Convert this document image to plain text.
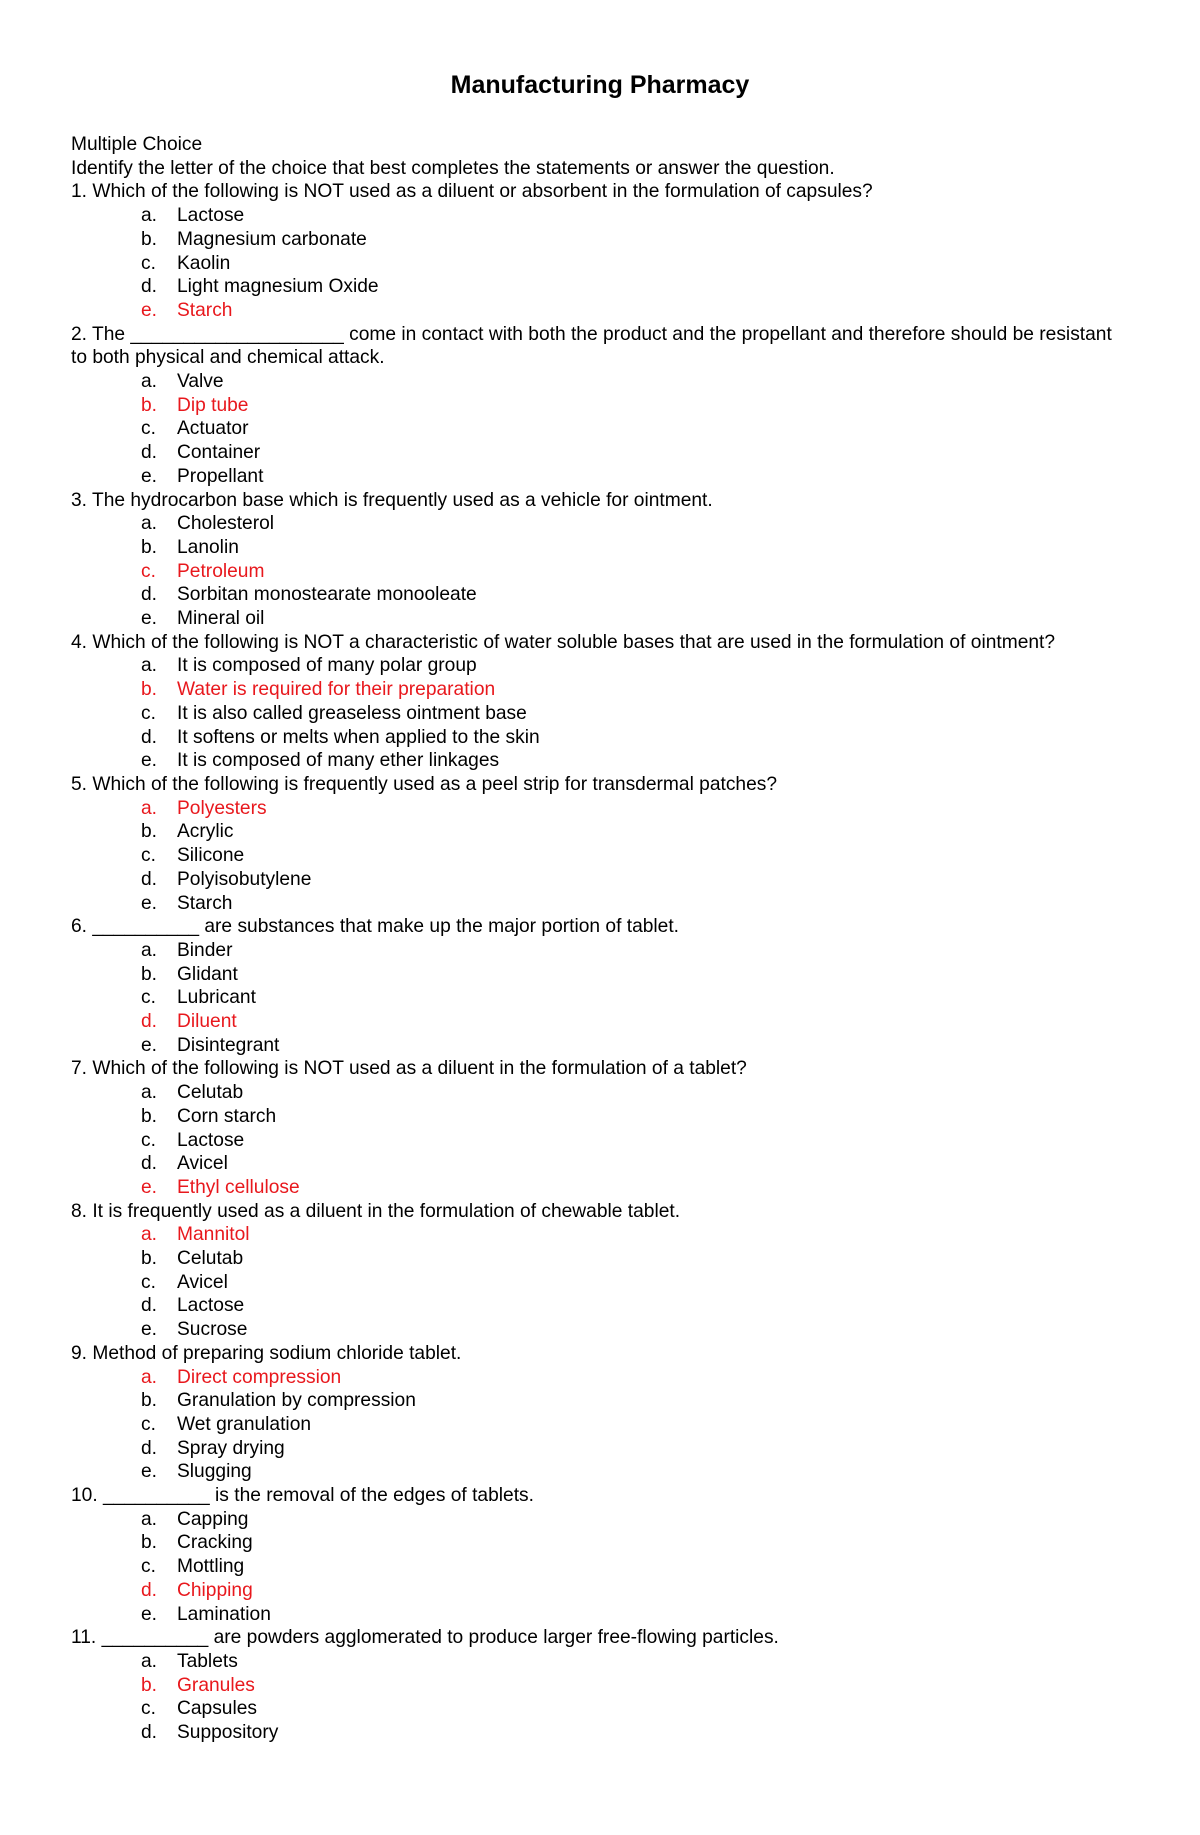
Manufacturing Pharmacy
Multiple Choice
Identify the letter of the choice that best completes the statements or answer the question.
1. Which of the following is NOT used as a diluent or absorbent in the formulation of capsules?
a. Lactose
b. Magnesium carbonate
c. Kaolin
d. Light magnesium Oxide
e. Starch
2. The ____________________ come in contact with both the product and the propellant and therefore should be resistant to both physical and chemical attack.
a. Valve
b. Dip tube
c. Actuator
d. Container
e. Propellant
3. The hydrocarbon base which is frequently used as a vehicle for ointment.
a. Cholesterol
b. Lanolin
c. Petroleum
d. Sorbitan monostearate monooleate
e. Mineral oil
4. Which of the following is NOT a characteristic of water soluble bases that are used in the formulation of ointment?
a. It is composed of many polar group
b. Water is required for their preparation
c. It is also called greaseless ointment base
d. It softens or melts when applied to the skin
e. It is composed of many ether linkages
5. Which of the following is frequently used as a peel strip for transdermal patches?
a. Polyesters
b. Acrylic
c. Silicone
d. Polyisobutylene
e. Starch
6. __________ are substances that make up the major portion of tablet.
a. Binder
b. Glidant
c. Lubricant
d. Diluent
e. Disintegrant
7. Which of the following is NOT used as a diluent in the formulation of a tablet?
a. Celutab
b. Corn starch
c. Lactose
d. Avicel
e. Ethyl cellulose
8. It is frequently used as a diluent in the formulation of chewable tablet.
a. Mannitol
b. Celutab
c. Avicel
d. Lactose
e. Sucrose
9. Method of preparing sodium chloride tablet.
a. Direct compression
b. Granulation by compression
c. Wet granulation
d. Spray drying
e. Slugging
10. __________ is the removal of the edges of tablets.
a. Capping
b. Cracking
c. Mottling
d. Chipping
e. Lamination
11. __________ are powders agglomerated to produce larger free-flowing particles.
a. Tablets
b. Granules
c. Capsules
d. Suppository
